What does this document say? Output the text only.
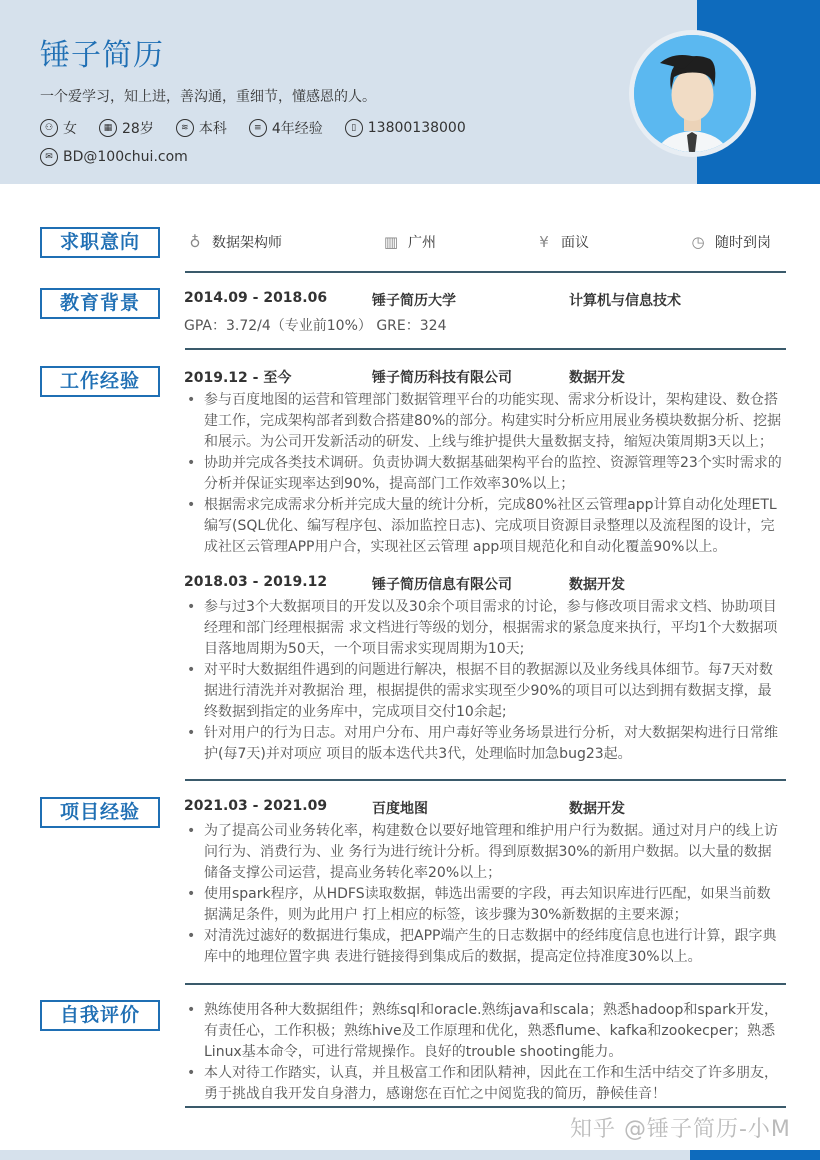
锤子简历
一个爱学习，知上进，善沟通，重细节，懂感恩的人。
⚇ 女	▦ 28岁	≋ 本科	≡ 4年经验	▯ 13800138000
✉ BD@100chui.com
求职意向	♁ 数据架构师	▥ 广州	¥ 面议	◷ 随时到岗
教育背景	2014.09 - 2018.06	锤子简历大学	计算机与信息技术
GPA：3.72/4（专业前10%） GRE：324
工作经验	2019.12 - 至今	锤子简历科技有限公司	数据开发
• 参与百度地图的运营和管理部门数据管理平台的功能实现、需求分析设计，架构建设、数仓搭建工作，完成架构部者到数合搭建80%的部分。构建实时分析应用展业务模块数据分析、挖据和展示。为公司开发新活动的研发、上线与维护提供大量数据支持，缩短决策周期3天以上；
• 协助并完成各类技术调研。负责协调大数据基础架构平台的监控、资源管理等23个实时需求的分析并保证实现率达到90%，提高部门工作效率30%以上；
• 根据需求完成需求分析并完成大量的统计分析，完成80%社区云管理app计算自动化处理ETL编写(SQL优化、编写程序包、添加监控日志)、完成项目资源目录整理以及流程图的设计，完成社区云管理APP用户合，实现社区云管理 app项目规范化和自动化覆盖90%以上。
2018.03 - 2019.12	锤子简历信息有限公司	数据开发
• 参与过3个大数据项目的开发以及30余个项目需求的讨论，参与修改项目需求文档、协助项目经理和部门经理根据需 求文档进行等级的划分，根据需求的紧急度来执行，平均1个大数据项目落地周期为50天，一个项目需求实现周期为10天;
• 对平时大数据组件遇到的问题进行解决，根据不目的教据源以及业务线具体细节。每7天对数据进行清洗并对教据治 理，根据提供的需求实现至少90%的项目可以达到拥有数据支撑，最终数据到指定的业务库中，完成项目交付10余起;
• 针对用户的行为日志。对用户分布、用户毒好等业务场景进行分析，对大数据架构进行日常维护(每7天)并对项应 项目的版本迭代共3代，处理临时加急bug23起。
项目经验	2021.03 - 2021.09	百度地图	数据开发
• 为了提高公司业务转化率，构建数仓以要好地管理和维护用户行为数据。通过对月户的线上访问行为、消费行为、业 务行为进行统计分析。得到原数据30%的新用户数据。以大量的数据储备支撑公司运营，提高业务转化率20%以上；
• 使用spark程序，从HDFS读取数据，韩选出需要的字段，再去知识库进行匹配，如果当前数据满足条件，则为此用户 打上相应的标签，该步骤为30%新数据的主要来源；
• 对清洗过滤好的数据进行集成，把APP端产生的日志数据中的经纬度信息也进行计算，跟字典库中的地理位置字典 表进行链接得到集成后的数据，提高定位持准度30%以上。
自我评价	• 熟练使用各种大数据组件；熟练sql和oracle.熟练java和scala；熟悉hadoop和spark开发，有责任心，工作积极；熟练hive及工作原理和优化，熟悉flume、kafka和zookecper；熟悉Linux基本命令，可进行常规操作。良好的trouble shooting能力。
• 本人对待工作踏实，认真，并且极富工作和团队精神，因此在工作和生活中结交了许多朋友，勇于挑战自我开发自身潜力，感谢您在百忙之中阅览我的简历，静候佳音！
知乎 @锤子简历-小M
